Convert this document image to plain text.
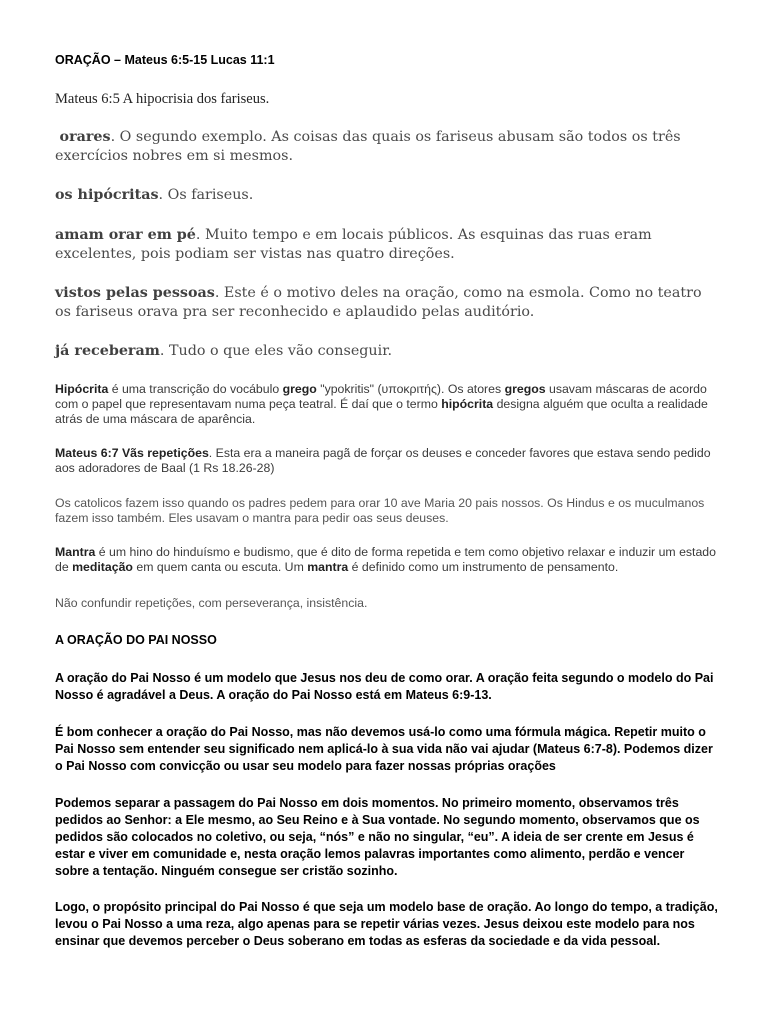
ORAÇÃO – Mateus 6:5-15 Lucas 11:1

Mateus 6:5 A hipocrisia dos fariseus.

orares. O segundo exemplo. As coisas das quais os fariseus abusam são todos os três exercícios nobres em si mesmos.

os hipócritas. Os fariseus.

amam orar em pé. Muito tempo e em locais públicos. As esquinas das ruas eram excelentes, pois podiam ser vistas nas quatro direções.

vistos pelas pessoas. Este é o motivo deles na oração, como na esmola. Como no teatro os fariseus orava pra ser reconhecido e aplaudido pelas auditório.

já receberam. Tudo o que eles vão conseguir.

Hipócrita é uma transcrição do vocábulo grego "ypokritis" (υποκριτής). Os atores gregos usavam máscaras de acordo com o papel que representavam numa peça teatral. É daí que o termo hipócrita designa alguém que oculta a realidade atrás de uma máscara de aparência.

Mateus 6:7 Vãs repetições. Esta era a maneira pagã de forçar os deuses e conceder favores que estava sendo pedido aos adoradores de Baal (1 Rs 18.26-28)

Os catolicos fazem isso quando os padres pedem para orar 10 ave Maria 20 pais nossos. Os Hindus e os muculmanos fazem isso também. Eles usavam o mantra para pedir oas seus deuses.

Mantra é um hino do hinduísmo e budismo, que é dito de forma repetida e tem como objetivo relaxar e induzir um estado de meditação em quem canta ou escuta. Um mantra é definido como um instrumento de pensamento.

Não confundir repetições, com perseverança, insistência.

A ORAÇÃO DO PAI NOSSO

A oração do Pai Nosso é um modelo que Jesus nos deu de como orar. A oração feita segundo o modelo do Pai Nosso é agradável a Deus. A oração do Pai Nosso está em Mateus 6:9-13.

É bom conhecer a oração do Pai Nosso, mas não devemos usá-lo como uma fórmula mágica. Repetir muito o Pai Nosso sem entender seu significado nem aplicá-lo à sua vida não vai ajudar (Mateus 6:7-8). Podemos dizer o Pai Nosso com convicção ou usar seu modelo para fazer nossas próprias orações

Podemos separar a passagem do Pai Nosso em dois momentos. No primeiro momento, observamos três pedidos ao Senhor: a Ele mesmo, ao Seu Reino e à Sua vontade. No segundo momento, observamos que os pedidos são colocados no coletivo, ou seja, “nós” e não no singular, “eu”. A ideia de ser crente em Jesus é estar e viver em comunidade e, nesta oração lemos palavras importantes como alimento, perdão e vencer sobre a tentação. Ninguém consegue ser cristão sozinho.

Logo, o propósito principal do Pai Nosso é que seja um modelo base de oração. Ao longo do tempo, a tradição, levou o Pai Nosso a uma reza, algo apenas para se repetir várias vezes. Jesus deixou este modelo para nos ensinar que devemos perceber o Deus soberano em todas as esferas da sociedade e da vida pessoal.
